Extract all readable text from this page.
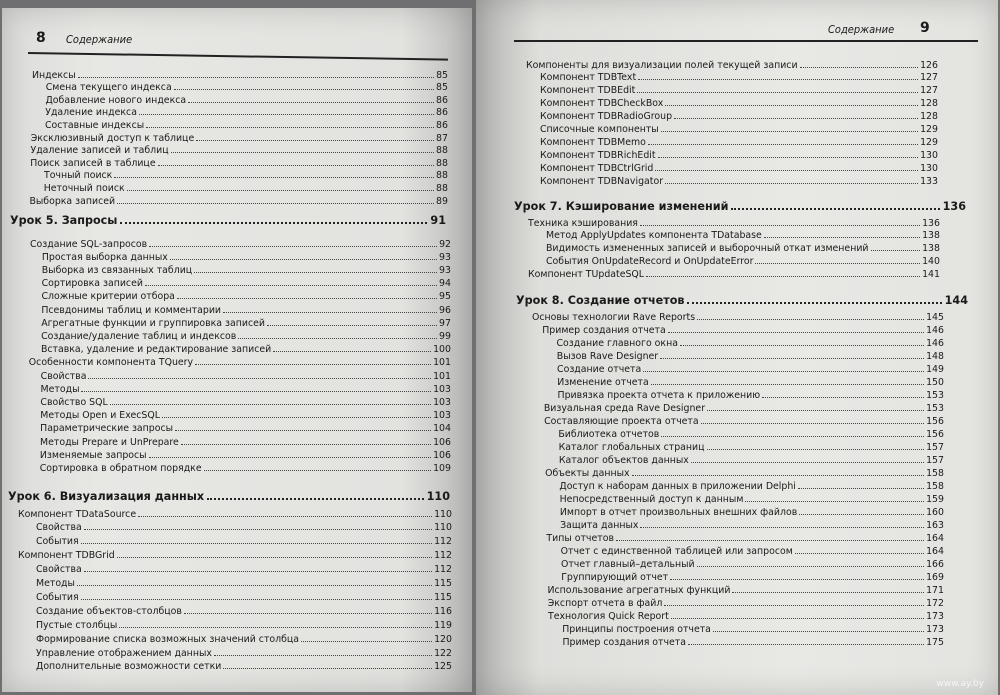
8 Содержание
Индексы	85
Смена текущего индекса	85
Добавление нового индекса	86
Удаление индекса	86
Составные индексы	86
Эксклюзивный доступ к таблице	87
Удаление записей и таблиц	88
Поиск записей в таблице	88
Точный поиск	88
Неточный поиск	88
Выборка записей	89
Урок 5. Запросы	91
Создание SQL-запросов	92
Простая выборка данных	93
Выборка из связанных таблиц	93
Сортировка записей	94
Сложные критерии отбора	95
Псевдонимы таблиц и комментарии	96
Агрегатные функции и группировка записей	97
Создание/удаление таблиц и индексов	99
Вставка, удаление и редактирование записей	100
Особенности компонента TQuery	101
Свойства	101
Методы	103
Свойство SQL	103
Методы Open и ExecSQL	103
Параметрические запросы	104
Методы Prepare и UnPrepare	106
Изменяемые запросы	106
Сортировка в обратном порядке	109
Урок 6. Визуализация данных	110
Компонент TDataSource	110
Свойства	110
События	112
Компонент TDBGrid	112
Свойства	112
Методы	115
События	115
Создание объектов-столбцов	116
Пустые столбцы	119
Формирование списка возможных значений столбца	120
Управление отображением данных	122
Дополнительные возможности сетки	125
Содержание 9
Компоненты для визуализации полей текущей записи	126
Компонент TDBText	127
Компонент TDBEdit	127
Компонент TDBCheckBox	128
Компонент TDBRadioGroup	128
Списочные компоненты	129
Компонент TDBMemo	129
Компонент TDBRichEdit	130
Компонент TDBCtrlGrid	130
Компонент TDBNavigator	133
Урок 7. Кэширование изменений	136
Техника кэширования	136
Метод ApplyUpdates компонента TDatabase	138
Видимость измененных записей и выборочный откат изменений	138
События OnUpdateRecord и OnUpdateError	140
Компонент TUpdateSQL	141
Урок 8. Создание отчетов	144
Основы технологии Rave Reports	145
Пример создания отчета	146
Создание главного окна	146
Вызов Rave Designer	148
Создание отчета	149
Изменение отчета	150
Привязка проекта отчета к приложению	153
Визуальная среда Rave Designer	153
Составляющие проекта отчета	156
Библиотека отчетов	156
Каталог глобальных страниц	157
Каталог объектов данных	157
Объекты данных	158
Доступ к наборам данных в приложении Delphi	158
Непосредственный доступ к данным	159
Импорт в отчет произвольных внешних файлов	160
Защита данных	163
Типы отчетов	164
Отчет с единственной таблицей или запросом	164
Отчет главный–детальный	166
Группирующий отчет	169
Использование агрегатных функций	171
Экспорт отчета в файл	172
Технология Quick Report	173
Принципы построения отчета	173
Пример создания отчета	175
www.ay.by
